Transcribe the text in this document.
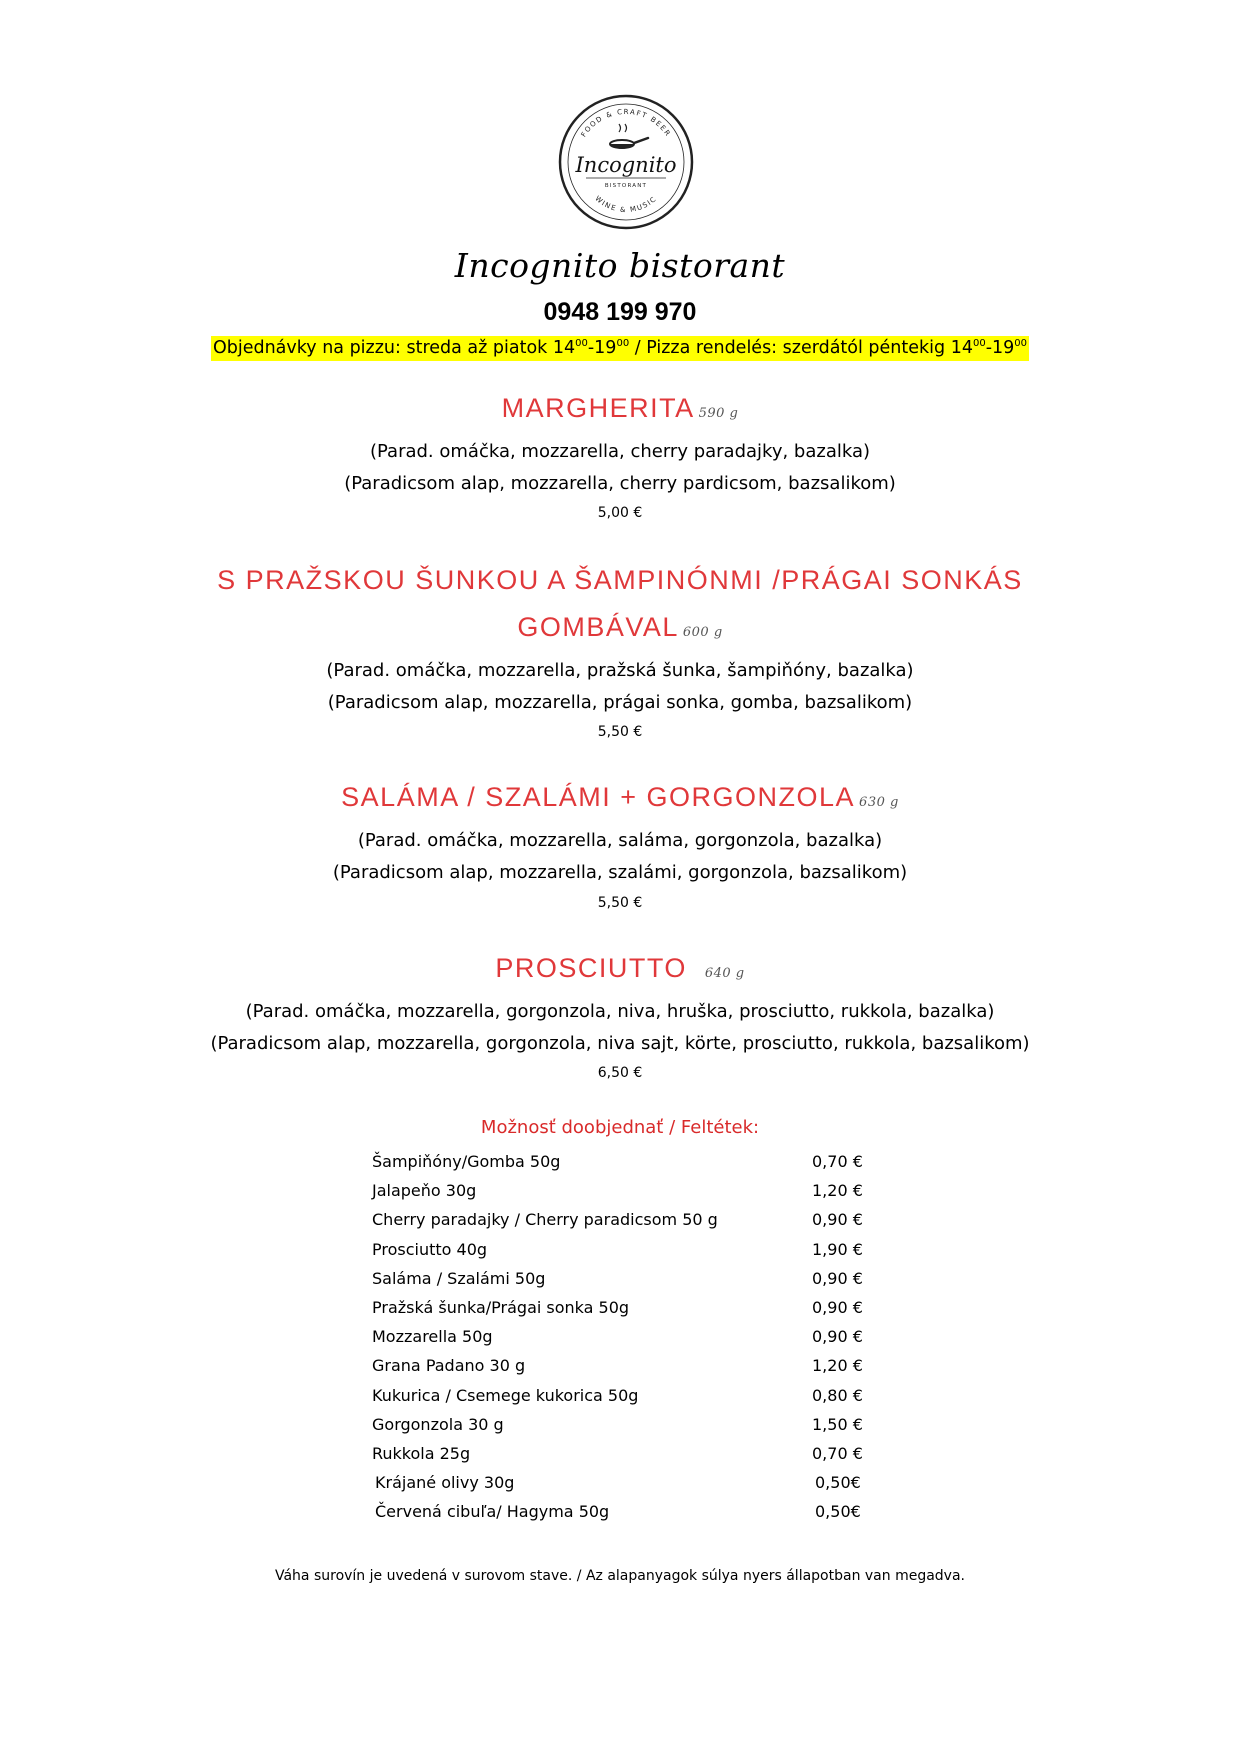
FOOD & CRAFT BEER
WINE & MUSIC
Incognito
BISTORANT
Incognito bistorant
0948 199 970
Objednávky na pizzu: streda až piatok $14^{00}-19^{00}$ / Pizza rendelés: szerdától péntekig $14^{00}-19^{00}$
MARGHERITA 590 g
(Parad. omáčka, mozzarella, cherry paradajky, bazalka)
(Paradicsom alap, mozzarella, cherry pardicsom, bazsalikom)
5,00 €
S PRAŽSKOU ŠUNKOU A ŠAMPINÓNMI /PRÁGAI SONKÁS
GOMBÁVAL 600 g
(Parad. omáčka, mozzarella, pražská šunka, šampiňóny, bazalka)
(Paradicsom alap, mozzarella, prágai sonka, gomba, bazsalikom)
5,50 €
SALÁMA / SZALÁMI + GORGONZOLA 630 g
(Parad. omáčka, mozzarella, saláma, gorgonzola, bazalka)
(Paradicsom alap, mozzarella, szalámi, gorgonzola, bazsalikom)
5,50 €
PROSCIUTTO 640 g
(Parad. omáčka, mozzarella, gorgonzola, niva, hruška, prosciutto, rukkola, bazalka)
(Paradicsom alap, mozzarella, gorgonzola, niva sajt, körte, prosciutto, rukkola, bazsalikom)
6,50 €
Možnosť doobjednať / Feltétek:
Šampiňóny/Gomba 50g	0,70 €
Jalapeňo 30g	1,20 €
Cherry paradajky / Cherry paradicsom 50 g	0,90 €
Prosciutto 40g	1,90 €
Saláma / Szalámi 50g	0,90 €
Pražská šunka/Prágai sonka 50g	0,90 €
Mozzarella 50g	0,90 €
Grana Padano 30 g	1,20 €
Kukurica / Csemege kukorica 50g	0,80 €
Gorgonzola 30 g	1,50 €
Rukkola 25g	0,70 €
Krájané olivy 30g	0,50€
Červená cibuľa/ Hagyma 50g	0,50€
Váha surovín je uvedená v surovom stave. / Az alapanyagok súlya nyers állapotban van megadva.
